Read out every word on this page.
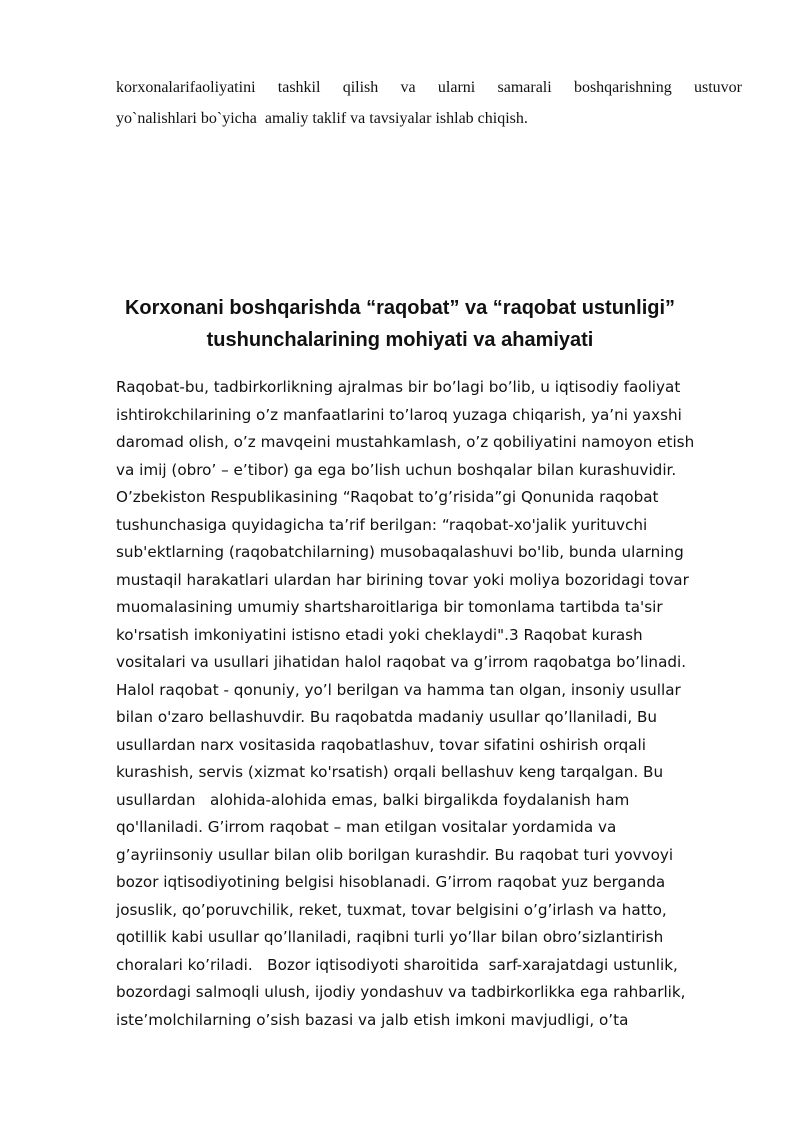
korxonalarifaoliyatini tashkil qilish va ularni samarali boshqarishning ustuvor
yo`nalishlari bo`yicha  amaliy taklif va tavsiyalar ishlab chiqish.
Korxonani boshqarishda “raqobat” va “raqobat ustunligi”
tushunchalarining mohiyati va ahamiyati
Raqobat-bu, tadbirkorlikning ajralmas bir bo’lagi bo’lib, u iqtisodiy faoliyat
ishtirokchilarining o’z manfaatlarini to’laroq yuzaga chiqarish, ya’ni yaxshi
daromad olish, o’z mavqeini mustahkamlash, o’z qobiliyatini namoyon etish
va imij (obro’ – e’tibor) ga ega bo’lish uchun boshqalar bilan kurashuvidir.
O’zbekiston Respublikasining “Raqobat to’g’risida”gi Qonunida raqobat
tushunchasiga quyidagicha ta’rif berilgan: “raqobat-xo'jalik yurituvchi
sub'ektlarning (raqobatchilarning) musobaqalashuvi bo'lib, bunda ularning
mustaqil harakatlari ulardan har birining tovar yoki moliya bozoridagi tovar
muomalasining umumiy shartsharoitlariga bir tomonlama tartibda ta'sir
ko'rsatish imkoniyatini istisno etadi yoki cheklaydi".3 Raqobat kurash
vositalari va usullari jihatidan halol raqobat va g’irrom raqobatga bo’linadi.
Halol raqobat - qonuniy, yo’l berilgan va hamma tan olgan, insoniy usullar
bilan o'zaro bellashuvdir. Bu raqobatda madaniy usullar qo’llaniladi, Bu
usullardan narx vositasida raqobatlashuv, tovar sifatini oshirish orqali
kurashish, servis (xizmat ko'rsatish) orqali bellashuv keng tarqalgan. Bu
usullardan   alohida-alohida emas, balki birgalikda foydalanish ham
qo'llaniladi. G’irrom raqobat – man etilgan vositalar yordamida va
g’ayriinsoniy usullar bilan olib borilgan kurashdir. Bu raqobat turi yovvoyi
bozor iqtisodiyotining belgisi hisoblanadi. G’irrom raqobat yuz berganda
josuslik, qo’poruvchilik, reket, tuxmat, tovar belgisini o’g’irlash va hatto,
qotillik kabi usullar qo’llaniladi, raqibni turli yo’llar bilan obro’sizlantirish
choralari ko’riladi.   Bozor iqtisodiyoti sharoitida  sarf-xarajatdagi ustunlik,
bozordagi salmoqli ulush, ijodiy yondashuv va tadbirkorlikka ega rahbarlik,
iste’molchilarning o’sish bazasi va jalb etish imkoni mavjudligi, o’ta
